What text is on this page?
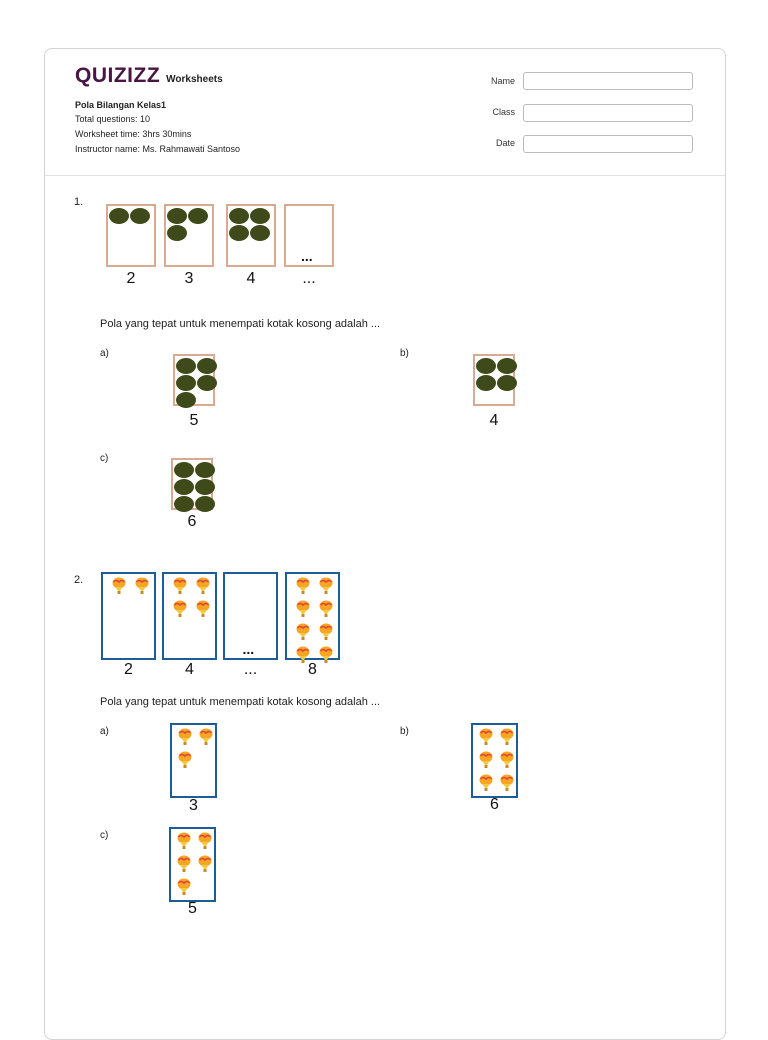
QUIZIZZ Worksheets
Pola Bilangan Kelas1
Total questions: 10
Worksheet time: 3hrs 30mins
Instructor name: Ms. Rahmawati Santoso
Name
Class
Date
1.
2	3	4
...
...
Pola yang tepat untuk menempati kotak kosong adalah ...
a)	b)
c)
5	4
6
2.
2	4
...
...	8
Pola yang tepat untuk menempati kotak kosong adalah ...
a)	b)
c)
3	6
5
